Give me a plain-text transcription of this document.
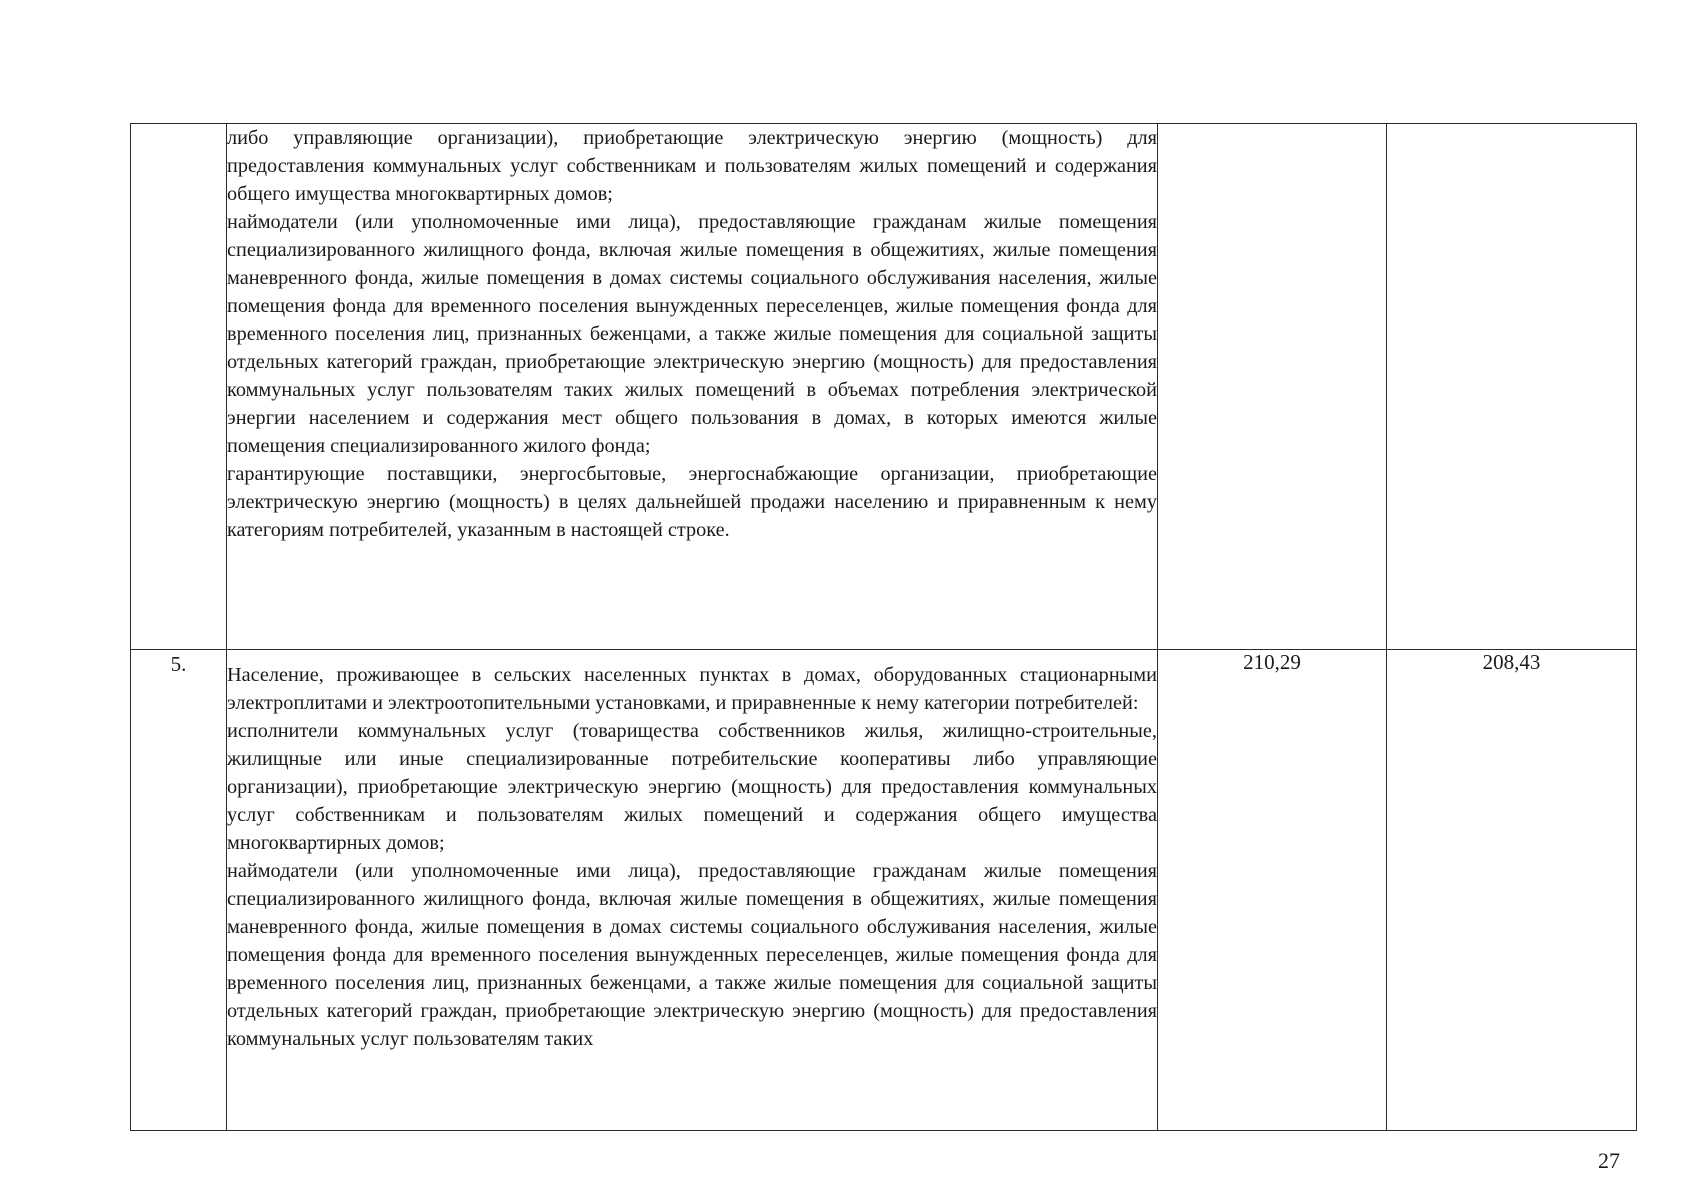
	либо управляющие организации), приобретающие электрическую энергию (мощность) для предоставления коммунальных услуг собственникам и пользователям жилых помещений и содержания общего имущества многоквартирных домов;

наймодатели (или уполномоченные ими лица), предоставляющие гражданам жилые помещения специализированного жилищного фонда, включая жилые помещения в общежитиях, жилые помещения маневренного фонда, жилые помещения в домах системы социального обслуживания населения, жилые помещения фонда для временного поселения вынужденных переселенцев, жилые помещения фонда для временного поселения лиц, признанных беженцами, а также жилые помещения для социальной защиты отдельных категорий граждан, приобретающие электрическую энергию (мощность) для предоставления коммунальных услуг пользователям таких жилых помещений в объемах потребления электрической энергии населением и содержания мест общего пользования в домах, в которых имеются жилые помещения специализированного жилого фонда;

гарантирующие поставщики, энергосбытовые, энергоснабжающие организации, приобретающие электрическую энергию (мощность) в целях дальнейшей продажи населению и приравненным к нему категориям потребителей, указанным в настоящей строке.		

5.	Население, проживающее в сельских населенных пунктах в домах, оборудованных стационарными электроплитами и электроотопительными установками, и приравненные к нему категории потребителей:

исполнители коммунальных услуг (товарищества собственников жилья, жилищно-строительные, жилищные или иные специализированные потребительские кооперативы либо управляющие организации), приобретающие электрическую энергию (мощность) для предоставления коммунальных услуг собственникам и пользователям жилых помещений и содержания общего имущества многоквартирных домов;

наймодатели (или уполномоченные ими лица), предоставляющие гражданам жилые помещения специализированного жилищного фонда, включая жилые помещения в общежитиях, жилые помещения маневренного фонда, жилые помещения в домах системы социального обслуживания населения, жилые помещения фонда для временного поселения вынужденных переселенцев, жилые помещения фонда для временного поселения лиц, признанных беженцами, а также жилые помещения для социальной защиты отдельных категорий граждан, приобретающие электрическую энергию (мощность) для предоставления коммунальных услуг пользователям таких	210,29	208,43
27
